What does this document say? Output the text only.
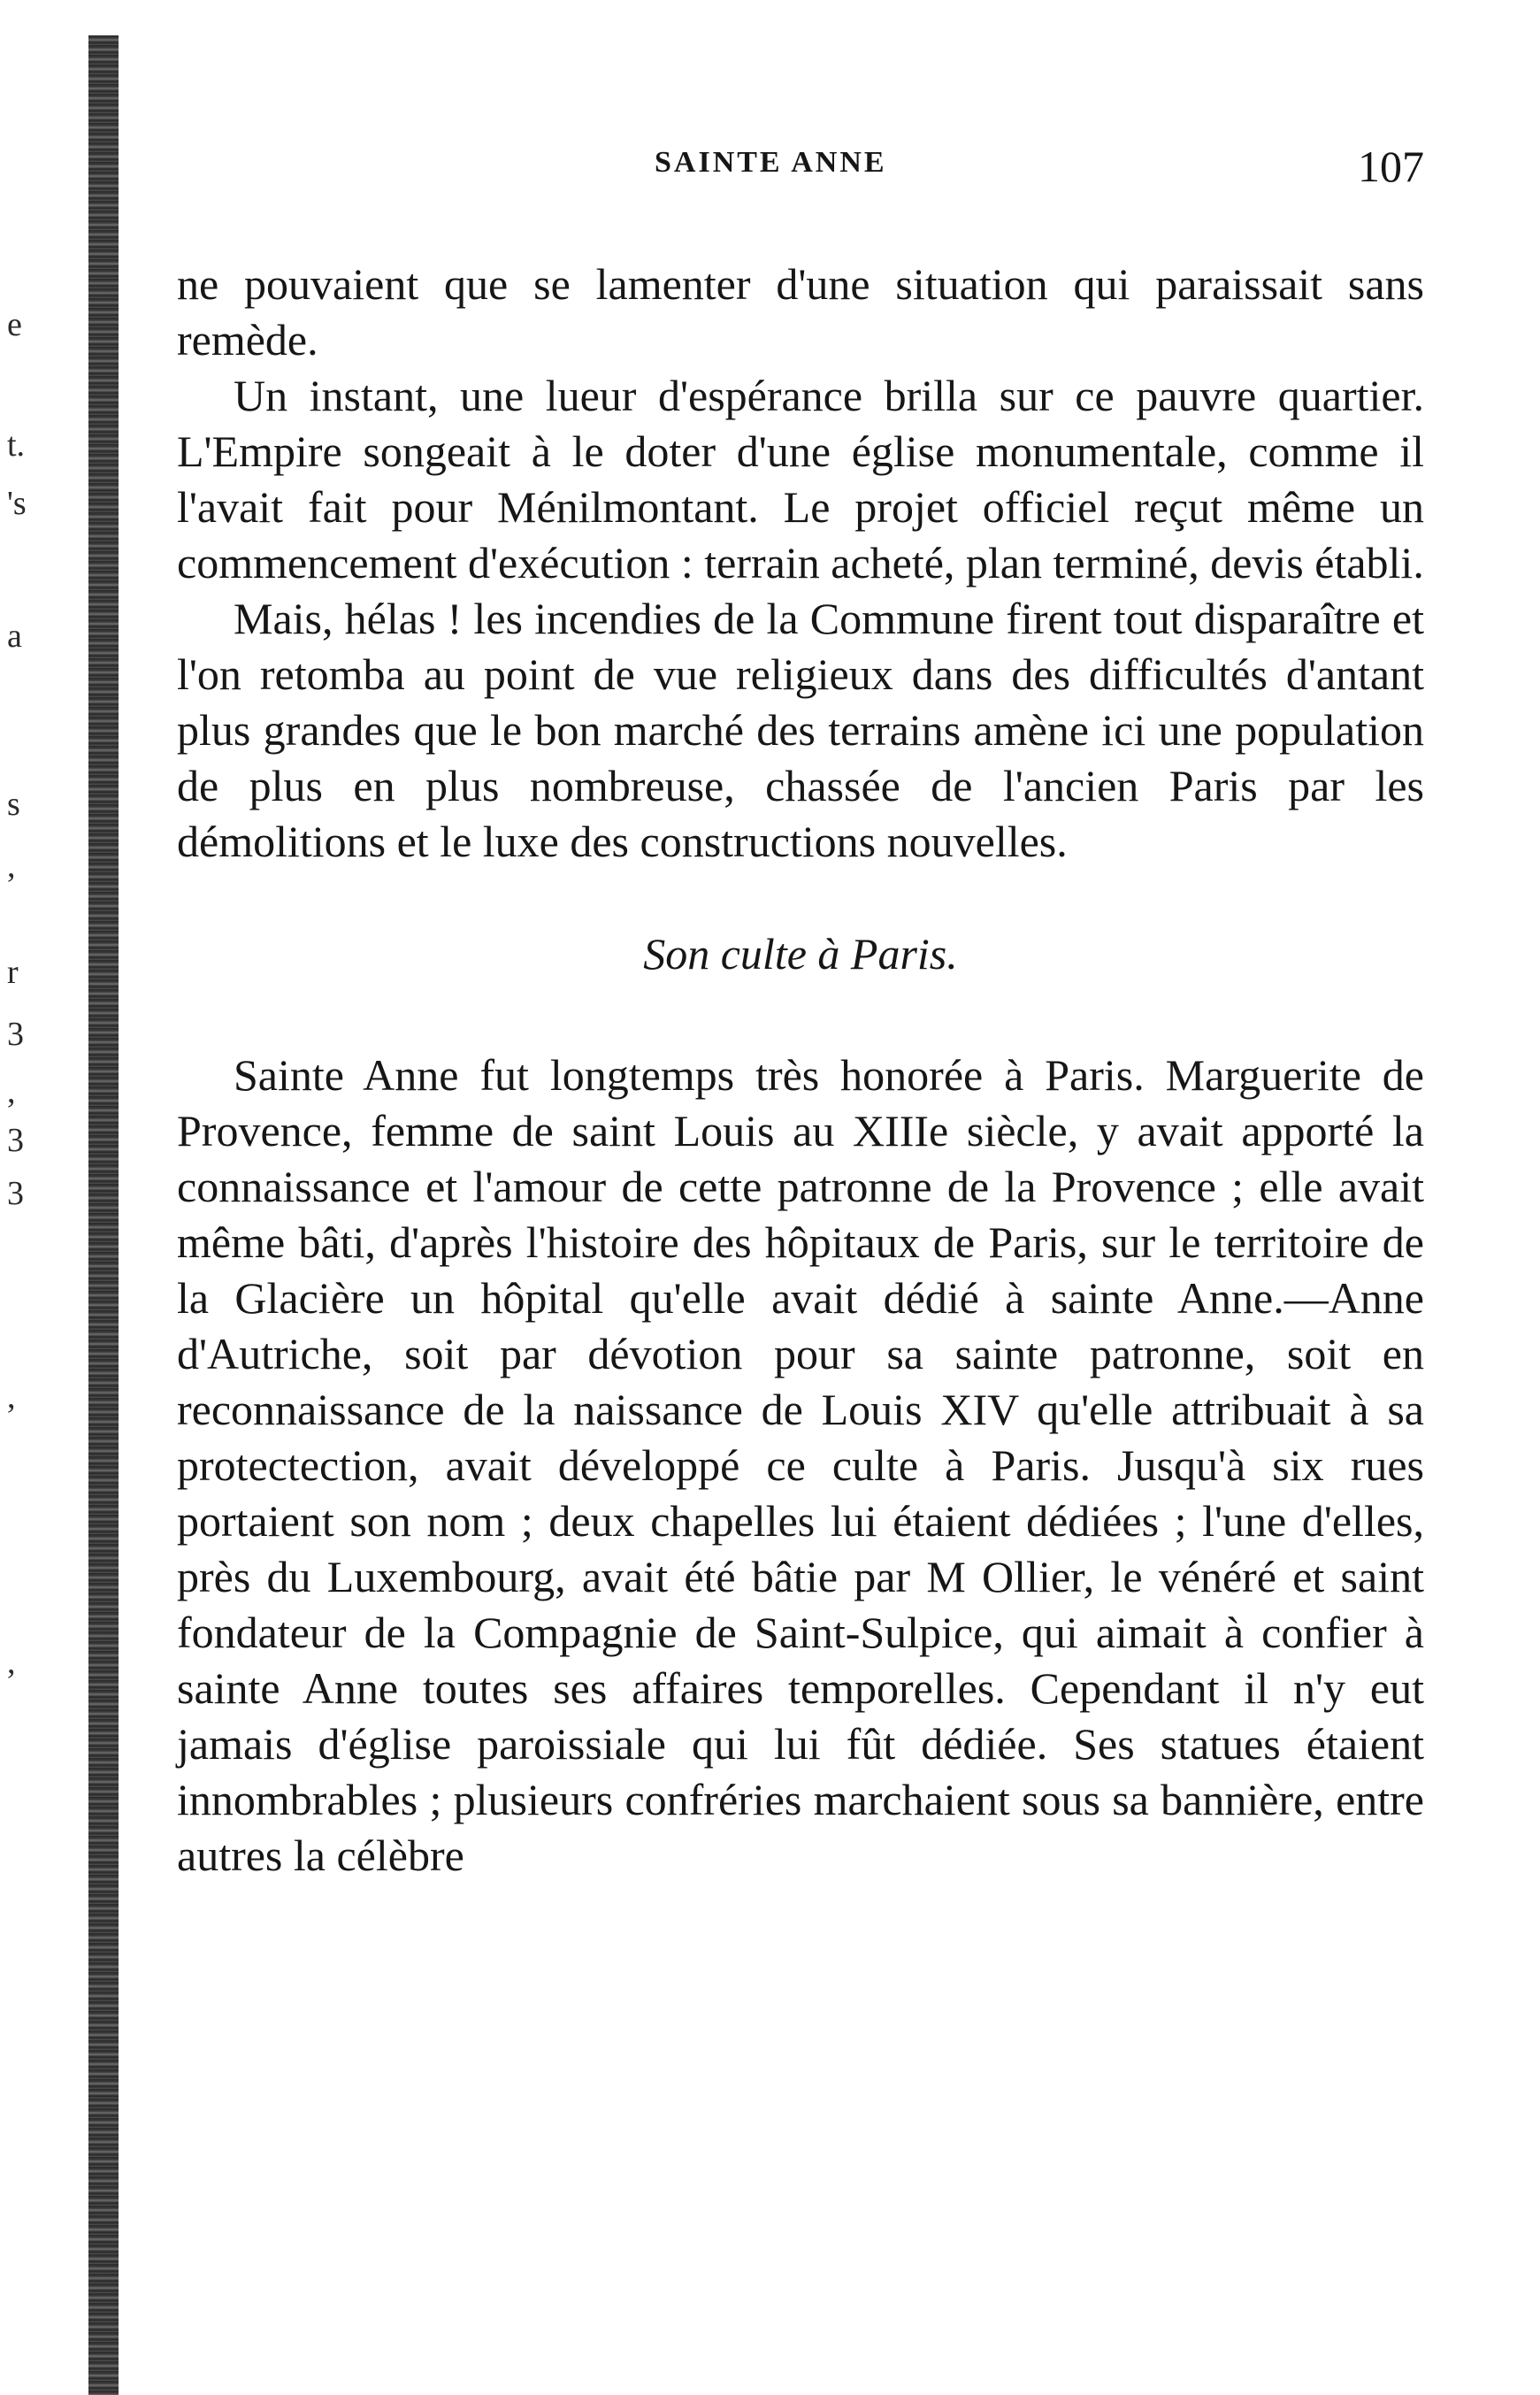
e
t.
's
a
s
,
r
3
,
3
3
,
,
SAINTE ANNE	107

ne pouvaient que se lamenter d'une situation qui paraissait sans remède.

Un instant, une lueur d'espérance brilla sur ce pauvre quartier. L'Empire songeait à le doter d'une église monumentale, comme il l'avait fait pour Ménilmontant. Le projet officiel reçut même un commencement d'exécution : terrain acheté, plan terminé, devis établi.

Mais, hélas ! les incendies de la Commune firent tout disparaître et l'on retomba au point de vue religieux dans des difficultés d'antant plus grandes que le bon marché des terrains amène ici une population de plus en plus nombreuse, chassée de l'ancien Paris par les démolitions et le luxe des constructions nouvelles.

Son culte à Paris.

Sainte Anne fut longtemps très honorée à Paris. Marguerite de Provence, femme de saint Louis au XIIIe siècle, y avait apporté la connaissance et l'amour de cette patronne de la Provence ; elle avait même bâti, d'après l'histoire des hôpitaux de Paris, sur le territoire de la Glacière un hôpital qu'elle avait dédié à sainte Anne.—Anne d'Autriche, soit par dévotion pour sa sainte patronne, soit en reconnaissance de la naissance de Louis XIV qu'elle attribuait à sa protectection, avait développé ce culte à Paris. Jusqu'à six rues portaient son nom ; deux chapelles lui étaient dédiées ; l'une d'elles, près du Luxembourg, avait été bâtie par M Ollier, le vénéré et saint fondateur de la Compagnie de Saint-Sulpice, qui aimait à confier à sainte Anne toutes ses affaires temporelles. Cependant il n'y eut jamais d'église paroissiale qui lui fût dédiée. Ses statues étaient innombrables ; plusieurs confréries marchaient sous sa bannière, entre autres la célèbre
